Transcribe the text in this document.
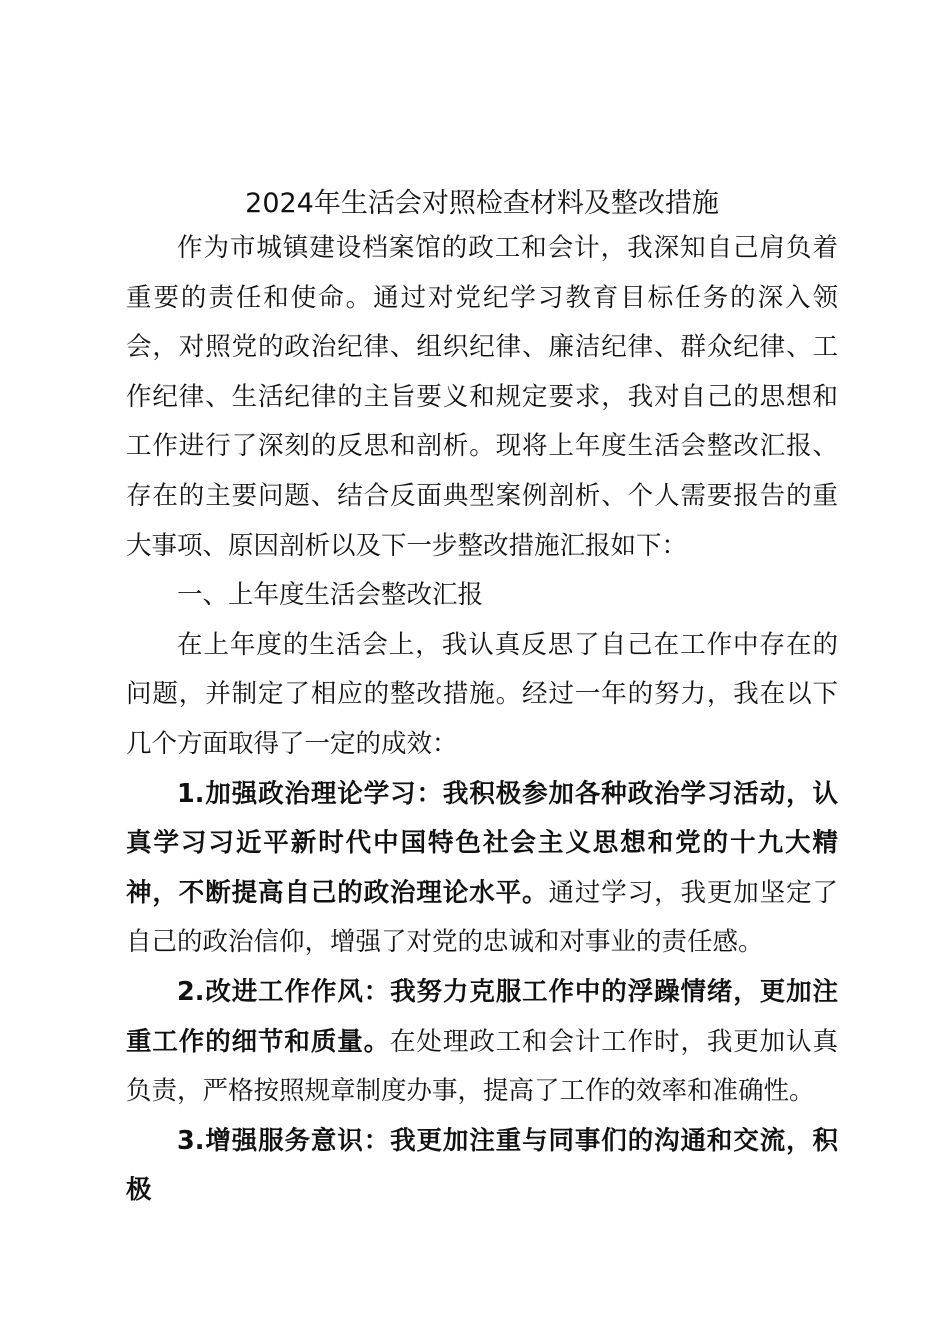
2024年生活会对照检查材料及整改措施

作为市城镇建设档案馆的政工和会计，我深知自己肩负着重要的责任和使命。通过对党纪学习教育目标任务的深入领会，对照党的政治纪律、组织纪律、廉洁纪律、群众纪律、工作纪律、生活纪律的主旨要义和规定要求，我对自己的思想和工作进行了深刻的反思和剖析。现将上年度生活会整改汇报、存在的主要问题、结合反面典型案例剖析、个人需要报告的重大事项、原因剖析以及下一步整改措施汇报如下：

一、上年度生活会整改汇报

在上年度的生活会上，我认真反思了自己在工作中存在的问题，并制定了相应的整改措施。经过一年的努力，我在以下几个方面取得了一定的成效：

1.加强政治理论学习：我积极参加各种政治学习活动，认真学习习近平新时代中国特色社会主义思想和党的十九大精神，不断提高自己的政治理论水平。通过学习，我更加坚定了自己的政治信仰，增强了对党的忠诚和对事业的责任感。

2.改进工作作风：我努力克服工作中的浮躁情绪，更加注重工作的细节和质量。在处理政工和会计工作时，我更加认真负责，严格按照规章制度办事，提高了工作的效率和准确性。

3.增强服务意识：我更加注重与同事们的沟通和交流，积极
